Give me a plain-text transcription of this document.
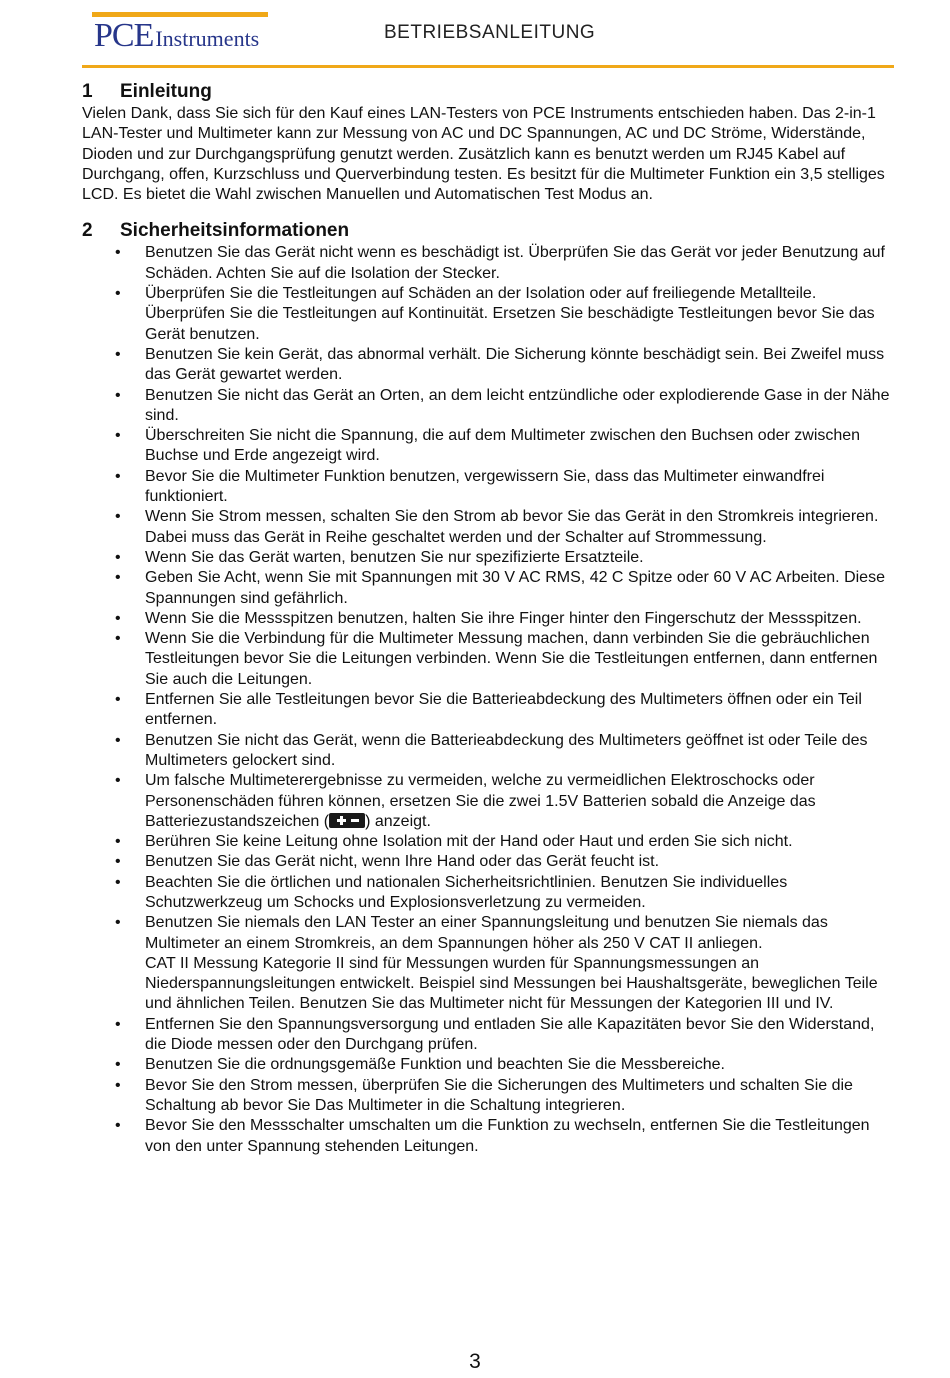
PCEInstruments	BETRIEBSANLEITUNG
1 Einleitung

Vielen Dank, dass Sie sich für den Kauf eines LAN-Testers von PCE Instruments entschieden haben. Das 2-in-1 LAN-Tester und Multimeter kann zur Messung von AC und DC Spannungen, AC und DC Ströme, Widerstände, Dioden und zur Durchgangsprüfung genutzt werden. Zusätzlich kann es benutzt werden um RJ45 Kabel auf Durchgang, offen, Kurzschluss und Querverbindung testen. Es besitzt für die Multimeter Funktion ein 3,5 stelliges LCD. Es bietet die Wahl zwischen Manuellen und Automatischen Test Modus an.

2 Sicherheitsinformationen
• Benutzen Sie das Gerät nicht wenn es beschädigt ist. Überprüfen Sie das Gerät vor jeder Benutzung auf Schäden. Achten Sie auf die Isolation der Stecker.
• Überprüfen Sie die Testleitungen auf Schäden an der Isolation oder auf freiliegende Metallteile. Überprüfen Sie die Testleitungen auf Kontinuität. Ersetzen Sie beschädigte Testleitungen bevor Sie das Gerät benutzen.
• Benutzen Sie kein Gerät, das abnormal verhält. Die Sicherung könnte beschädigt sein. Bei Zweifel muss das Gerät gewartet werden.
• Benutzen Sie nicht das Gerät an Orten, an dem leicht entzündliche oder explodierende Gase in der Nähe sind.
• Überschreiten Sie nicht die Spannung, die auf dem Multimeter zwischen den Buchsen oder zwischen Buchse und Erde angezeigt wird.
• Bevor Sie die Multimeter Funktion benutzen, vergewissern Sie, dass das Multimeter einwandfrei funktioniert.
• Wenn Sie Strom messen, schalten Sie den Strom ab bevor Sie das Gerät in den Stromkreis integrieren. Dabei muss das Gerät in Reihe geschaltet werden und der Schalter auf Strommessung.
• Wenn Sie das Gerät warten, benutzen Sie nur spezifizierte Ersatzteile.
• Geben Sie Acht, wenn Sie mit Spannungen mit 30 V AC RMS, 42 C Spitze oder 60 V AC Arbeiten. Diese Spannungen sind gefährlich.
• Wenn Sie die Messspitzen benutzen, halten Sie ihre Finger hinter den Fingerschutz der Messspitzen.
• Wenn Sie die Verbindung für die Multimeter Messung machen, dann verbinden Sie die gebräuchlichen Testleitungen bevor Sie die Leitungen verbinden. Wenn Sie die Testleitungen entfernen, dann entfernen Sie auch die Leitungen.
• Entfernen Sie alle Testleitungen bevor Sie die Batterieabdeckung des Multimeters öffnen oder ein Teil entfernen.
• Benutzen Sie nicht das Gerät, wenn die Batterieabdeckung des Multimeters geöffnet ist oder Teile des Multimeters gelockert sind.
• Um falsche Multimeterergebnisse zu vermeiden, welche zu vermeidlichen Elektroschocks oder Personenschäden führen können, ersetzen Sie die zwei 1.5V Batterien sobald die Anzeige das Batteriezustandszeichen ( ) anzeigt.
• Berühren Sie keine Leitung ohne Isolation mit der Hand oder Haut und erden Sie sich nicht.
• Benutzen Sie das Gerät nicht, wenn Ihre Hand oder das Gerät feucht ist.
• Beachten Sie die örtlichen und nationalen Sicherheitsrichtlinien. Benutzen Sie individuelles Schutzwerkzeug um Schocks und Explosionsverletzung zu vermeiden.
• Benutzen Sie niemals den LAN Tester an einer Spannungsleitung und benutzen Sie niemals das Multimeter an einem Stromkreis, an dem Spannungen höher als 250 V CAT II anliegen.
CAT II Messung Kategorie II sind für Messungen wurden für Spannungsmessungen an Niederspannungsleitungen entwickelt. Beispiel sind Messungen bei Haushaltsgeräte, beweglichen Teile und ähnlichen Teilen. Benutzen Sie das Multimeter nicht für Messungen der Kategorien III und IV.
• Entfernen Sie den Spannungsversorgung und entladen Sie alle Kapazitäten bevor Sie den Widerstand, die Diode messen oder den Durchgang prüfen.
• Benutzen Sie die ordnungsgemäße Funktion und beachten Sie die Messbereiche.
• Bevor Sie den Strom messen, überprüfen Sie die Sicherungen des Multimeters und schalten Sie die Schaltung ab bevor Sie Das Multimeter in die Schaltung integrieren.
• Bevor Sie den Messschalter umschalten um die Funktion zu wechseln, entfernen Sie die Testleitungen von den unter Spannung stehenden Leitungen.
3
